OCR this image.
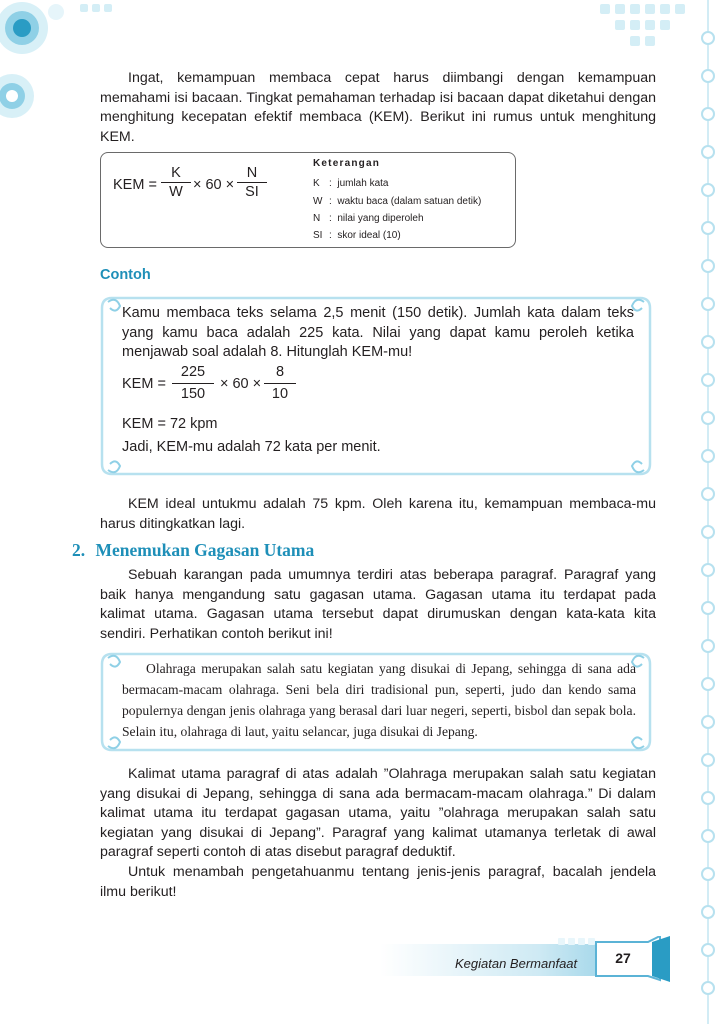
Ingat, kemampuan membaca cepat harus diimbangi dengan kemampuan memahami isi bacaan. Tingkat pemahaman terhadap isi bacaan dapat diketahui dengan menghitung kecepatan efektif membaca (KEM). Berikut ini rumus untuk menghitung KEM.

KEM = $\frac{K}{W} \times 60 \times \frac{N}{SI}$
Keterangan
K : jumlah kata
W : waktu baca (dalam satuan detik)
N : nilai yang diperoleh
SI : skor ideal (10)
Contoh
Kamu membaca teks selama 2,5 menit (150 detik). Jumlah kata dalam teks yang kamu baca adalah 225 kata. Nilai yang dapat kamu peroleh ketika menjawab soal adalah 8. Hitunglah KEM-mu!
KEM = $\frac{225}{150} \times 60 \times \frac{8}{10}$
KEM = 72 kpm
Jadi, KEM-mu adalah 72 kata per menit.

KEM ideal untukmu adalah 75 kpm. Oleh karena itu, kemampuan membaca-mu harus ditingkatkan lagi.

2. Menemukan Gagasan Utama

Sebuah karangan pada umumnya terdiri atas beberapa paragraf. Paragraf yang baik hanya mengandung satu gagasan utama. Gagasan utama itu terdapat pada kalimat utama. Gagasan utama tersebut dapat dirumuskan dengan kata-kata kita sendiri. Perhatikan contoh berikut ini!

Olahraga merupakan salah satu kegiatan yang disukai di Jepang, sehingga di sana ada bermacam-macam olahraga. Seni bela diri tradisional pun, seperti, judo dan kendo sama populernya dengan jenis olahraga yang berasal dari luar negeri, seperti, bisbol dan sepak bola. Selain itu, olahraga di laut, yaitu selancar, juga disukai di Jepang.

Kalimat utama paragraf di atas adalah ”Olahraga merupakan salah satu kegiatan yang disukai di Jepang, sehingga di sana ada bermacam-macam olahraga.” Di dalam kalimat utama itu terdapat gagasan utama, yaitu ”olahraga merupakan salah satu kegiatan yang disukai di Jepang”. Paragraf yang kalimat utamanya terletak di awal paragraf seperti contoh di atas disebut paragraf deduktif.

Untuk menambah pengetahuanmu tentang jenis-jenis paragraf, bacalah jendela ilmu berikut!

Kegiatan Bermanfaat	27
